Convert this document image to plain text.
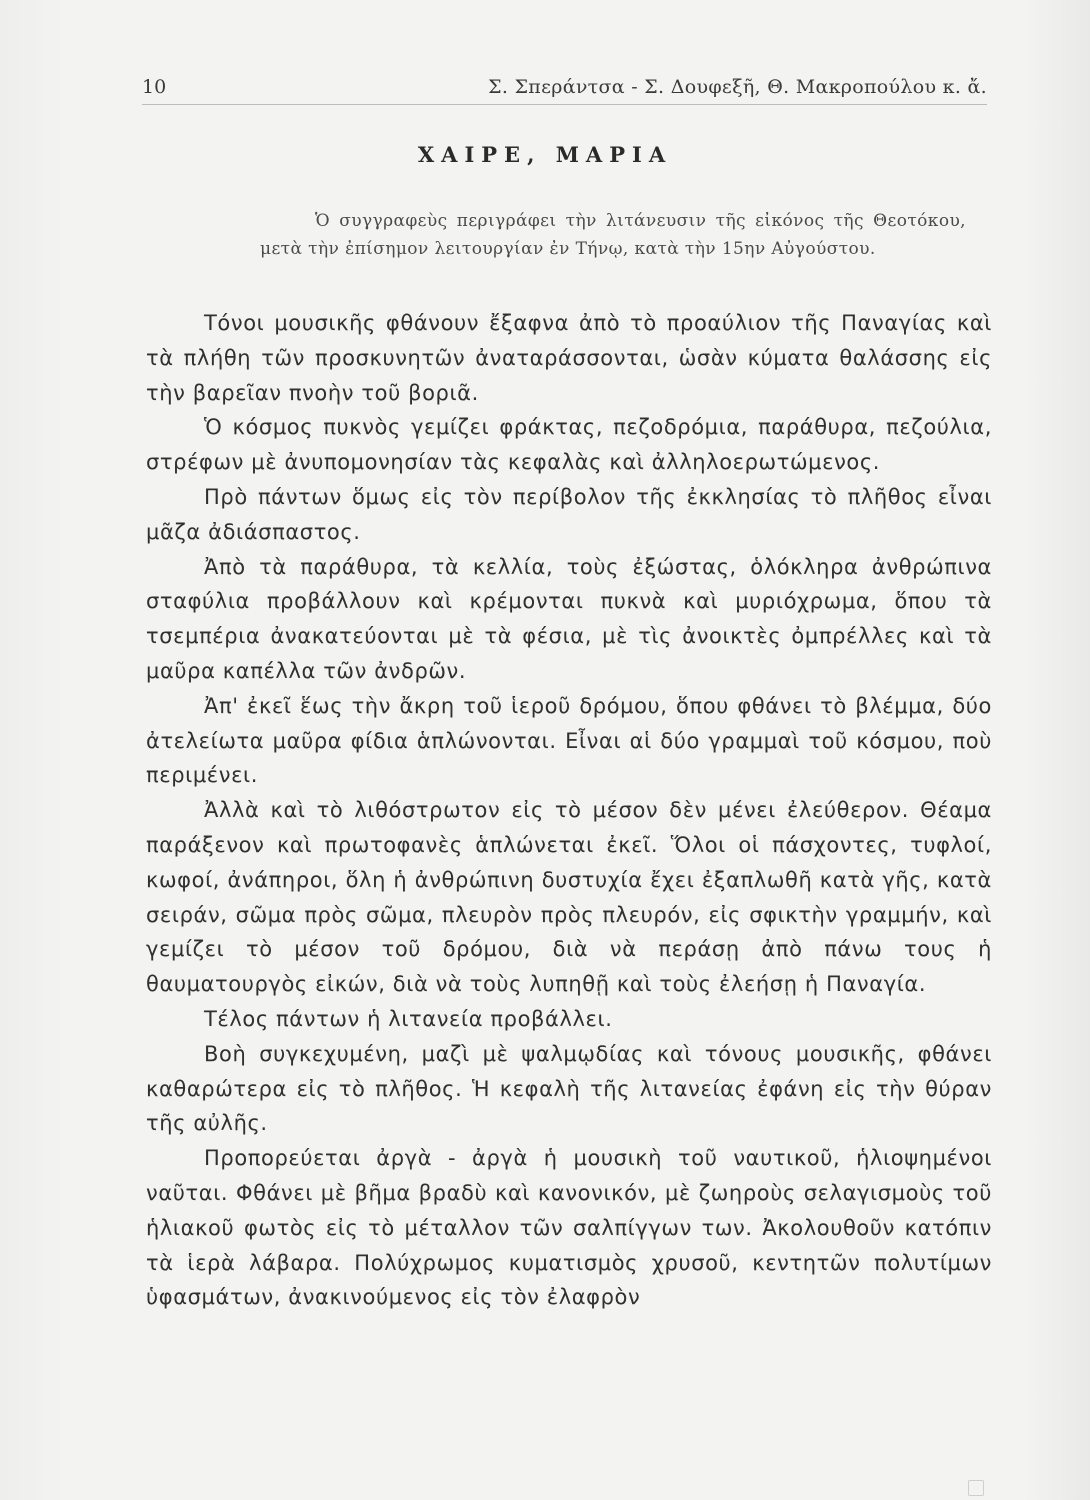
10	Σ. Σπεράντσα - Σ. Δουφεξῆ, Θ. Μακροπούλου κ. ἄ.
ΧΑΙΡΕ, ΜΑΡΙΑ

Ὁ συγγραφεὺς περιγράφει τὴν λιτάνευσιν τῆς εἰκόνος τῆς Θεοτόκου, μετὰ τὴν ἐπίσημον λειτουργίαν ἐν Τήνῳ, κατὰ τὴν 15ην Αὐγούστου.

Τόνοι μουσικῆς φθάνουν ἔξαφνα ἀπὸ τὸ προαύλιον τῆς Παναγίας καὶ τὰ πλήθη τῶν προσκυνητῶν ἀναταράσσονται, ὡσὰν κύματα θαλάσσης εἰς τὴν βαρεῖαν πνοὴν τοῦ βοριᾶ.

Ὁ κόσμος πυκνὸς γεμίζει φράκτας, πεζοδρόμια, παράθυρα, πεζούλια, στρέφων μὲ ἀνυπομονησίαν τὰς κεφαλὰς καὶ ἀλληλοερωτώμενος.

Πρὸ πάντων ὅμως εἰς τὸν περίβολον τῆς ἐκκλησίας τὸ πλῆθος εἶναι μᾶζα ἀδιάσπαστος.

Ἀπὸ τὰ παράθυρα, τὰ κελλία, τοὺς ἐξώστας, ὁλόκληρα ἀνθρώπινα σταφύλια προβάλλουν καὶ κρέμονται πυκνὰ καὶ μυριόχρωμα, ὅπου τὰ τσεμπέρια ἀνακατεύονται μὲ τὰ φέσια, μὲ τὶς ἀνοικτὲς ὀμπρέλλες καὶ τὰ μαῦρα καπέλλα τῶν ἀνδρῶν.

Ἀπ' ἐκεῖ ἕως τὴν ἄκρη τοῦ ἱεροῦ δρόμου, ὅπου φθάνει τὸ βλέμμα, δύο ἀτελείωτα μαῦρα φίδια ἁπλώνονται. Εἶναι αἱ δύο γραμμαὶ τοῦ κόσμου, ποὺ περιμένει.

Ἀλλὰ καὶ τὸ λιθόστρωτον εἰς τὸ μέσον δὲν μένει ἐλεύθερον. Θέαμα παράξενον καὶ πρωτοφανὲς ἁπλώνεται ἐκεῖ. Ὅλοι οἱ πάσχοντες, τυφλοί, κωφοί, ἀνάπηροι, ὅλη ἡ ἀνθρώπινη δυστυχία ἔχει ἐξαπλωθῆ κατὰ γῆς, κατὰ σειράν, σῶμα πρὸς σῶμα, πλευρὸν πρὸς πλευρόν, εἰς σφικτὴν γραμμήν, καὶ γεμίζει τὸ μέσον τοῦ δρόμου, διὰ νὰ περάσῃ ἀπὸ πάνω τους ἡ θαυματουργὸς εἰκών, διὰ νὰ τοὺς λυπηθῇ καὶ τοὺς ἐλεήσῃ ἡ Παναγία.

Τέλος πάντων ἡ λιτανεία προβάλλει.

Βοὴ συγκεχυμένη, μαζὶ μὲ ψαλμῳδίας καὶ τόνους μουσικῆς, φθάνει καθαρώτερα εἰς τὸ πλῆθος. Ἡ κεφαλὴ τῆς λιτανείας ἐφάνη εἰς τὴν θύραν τῆς αὐλῆς.

Προπορεύεται ἀργὰ - ἀργὰ ἡ μουσικὴ τοῦ ναυτικοῦ, ἡλιοψημένοι ναῦται. Φθάνει μὲ βῆμα βραδὺ καὶ κανονικόν, μὲ ζωηροὺς σελαγισμοὺς τοῦ ἡλιακοῦ φωτὸς εἰς τὸ μέταλλον τῶν σαλπίγγων των. Ἀκολουθοῦν κατόπιν τὰ ἱερὰ λάβαρα. Πολύχρωμος κυματισμὸς χρυσοῦ, κεντητῶν πολυτίμων ὑφασμάτων, ἀνακινούμενος εἰς τὸν ἐλαφρὸν
